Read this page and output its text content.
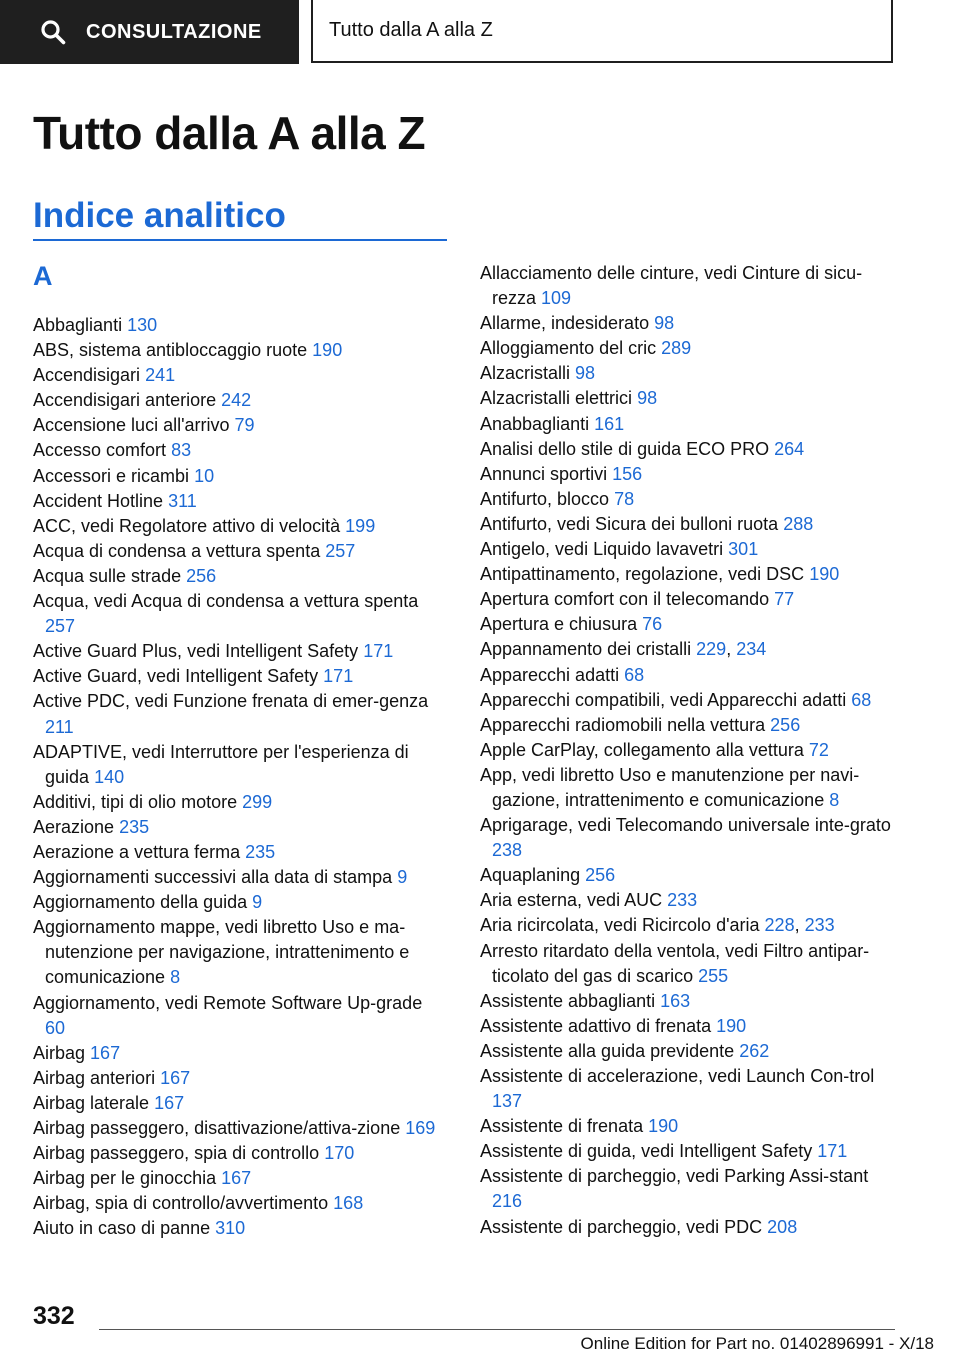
CONSULTAZIONE	Tutto dalla A alla Z
Tutto dalla A alla Z
Indice analitico
A
Abbaglianti 130
ABS, sistema antibloccaggio ruote 190
Accendisigari 241
Accendisigari anteriore 242
Accensione luci all'arrivo 79
Accesso comfort 83
Accessori e ricambi 10
Accident Hotline 311
ACC, vedi Regolatore attivo di velocità 199
Acqua di condensa a vettura spenta 257
Acqua sulle strade 256
Acqua, vedi Acqua di condensa a vettura spenta 257
Active Guard Plus, vedi Intelligent Safety 171
Active Guard, vedi Intelligent Safety 171
Active PDC, vedi Funzione frenata di emer-genza 211
ADAPTIVE, vedi Interruttore per l'esperienza di guida 140
Additivi, tipi di olio motore 299
Aerazione 235
Aerazione a vettura ferma 235
Aggiornamenti successivi alla data di stampa 9
Aggiornamento della guida 9
Aggiornamento mappe, vedi libretto Uso e ma-nutenzione per navigazione, intrattenimento e comunicazione 8
Aggiornamento, vedi Remote Software Up-grade 60
Airbag 167
Airbag anteriori 167
Airbag laterale 167
Airbag passeggero, disattivazione/attiva-zione 169
Airbag passeggero, spia di controllo 170
Airbag per le ginocchia 167
Airbag, spia di controllo/avvertimento 168
Aiuto in caso di panne 310
Allacciamento delle cinture, vedi Cinture di sicu-rezza 109
Allarme, indesiderato 98
Alloggiamento del cric 289
Alzacristalli 98
Alzacristalli elettrici 98
Anabbaglianti 161
Analisi dello stile di guida ECO PRO 264
Annunci sportivi 156
Antifurto, blocco 78
Antifurto, vedi Sicura dei bulloni ruota 288
Antigelo, vedi Liquido lavavetri 301
Antipattinamento, regolazione, vedi DSC 190
Apertura comfort con il telecomando 77
Apertura e chiusura 76
Appannamento dei cristalli 229, 234
Apparecchi adatti 68
Apparecchi compatibili, vedi Apparecchi adatti 68
Apparecchi radiomobili nella vettura 256
Apple CarPlay, collegamento alla vettura 72
App, vedi libretto Uso e manutenzione per navi-gazione, intrattenimento e comunicazione 8
Aprigarage, vedi Telecomando universale inte-grato 238
Aquaplaning 256
Aria esterna, vedi AUC 233
Aria ricircolata, vedi Ricircolo d'aria 228, 233
Arresto ritardato della ventola, vedi Filtro antipar-ticolato del gas di scarico 255
Assistente abbaglianti 163
Assistente adattivo di frenata 190
Assistente alla guida previdente 262
Assistente di accelerazione, vedi Launch Con-trol 137
Assistente di frenata 190
Assistente di guida, vedi Intelligent Safety 171
Assistente di parcheggio, vedi Parking Assi-stant 216
Assistente di parcheggio, vedi PDC 208
332
Online Edition for Part no. 01402896991 - X/18
